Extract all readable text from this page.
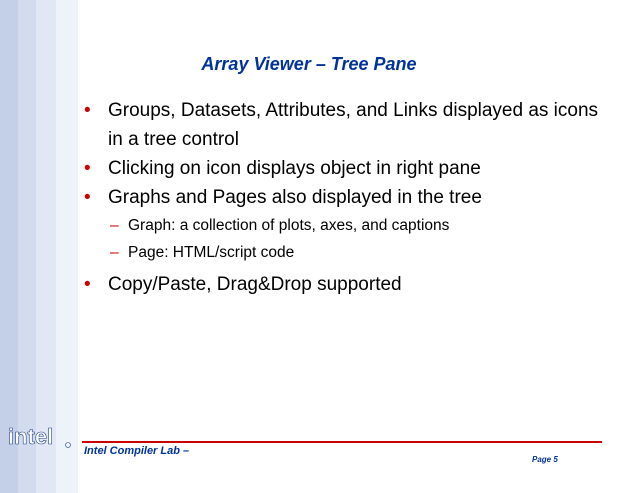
Array Viewer – Tree Pane
• Groups, Datasets, Attributes, and Links displayed as icons in a tree control
• Clicking on icon displays object in right pane
• Graphs and Pages also displayed in the tree
– Graph: a collection of plots, axes, and captions
– Page: HTML/script code
• Copy/Paste, Drag&Drop supported
intel
Intel Compiler Lab –
Page 5
